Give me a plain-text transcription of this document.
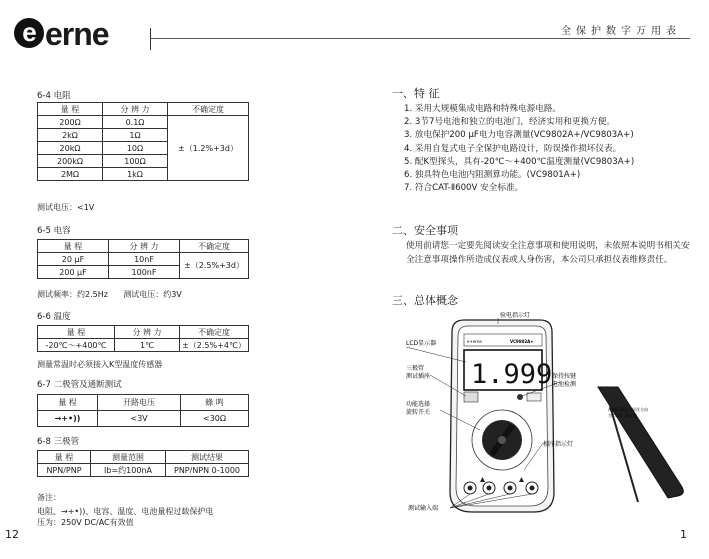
e erne	全保护数字万用表
6-4 电阻
量 程	分 辨 力	不确定度
200Ω	0.1Ω	±（1.2%+3d）
2kΩ	1Ω	
20kΩ	10Ω	
200kΩ	100Ω	
2MΩ	1kΩ	
测试电压：<1V
6-5 电容
量 程	分 辨 力	不确定度
20 μF	10nF	±（2.5%+3d）
200 μF	100nF	
测试频率：约2.5Hz      测试电压：约3V
6-6 温度
量 程	分 辨 力	不确定度
-20℃～+400℃	1℃	±（2.5%+4℃）
测量常温时必须接入K型温度传感器
6-7 二极管及通断测试
量 程	开路电压	蜂 鸣
→+•))	<3V	<30Ω
6-8 三极管
量 程	测量范围	测试结果
NPN/PNP	Ib=约100nA	PNP/NPN 0-1000
备注：
电阻、→+•))、电容、温度、电池量程过载保护电
压为：250V DC/AC有效值
12
一、特 征
1. 采用大规模集成电路和特殊电源电路。
2. 3节7号电池和独立的电池门，经济实用和更换方便。
3. 放电保护200 μF电力电容测量(VC9802A+/VC9803A+)
4. 采用自复式电子全保护电路设计，防误操作损坏仪表。
5. 配K型探头，具有-20℃～+400℃温度测量(VC9803A+)
6. 独具特色电池内阻测算功能。(VC9801A+)
7. 符合CAT-Ⅱ600V 安全标准。
二、安全事项
使用前请您一定要先阅读安全注意事项和使用说明，未依照本说明书相关安全注意事项操作所造成仪表或人身伤害，本公司只承担仪表维修责任。
三、总体概念
e+erne	VC9802A+
1.999
验电指示灯
LCD显示器
三极管
测试插座	保持按键
电池检测
功能选择
旋转开关
相序指示灯
测试输入端
视图LCD显示屏任方向
为 "0.0" 调位置
1
